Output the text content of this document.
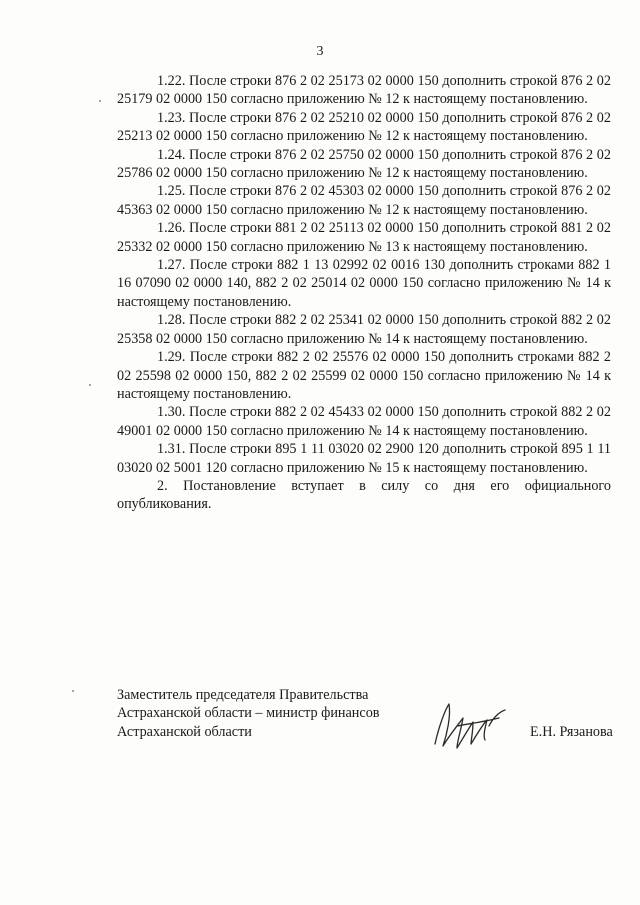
3

1.22. После строки 876 2 02 25173 02 0000 150 дополнить строкой 876 2 02 25179 02 0000 150 согласно приложению № 12 к настоящему постановлению.

1.23. После строки 876 2 02 25210 02 0000 150 дополнить строкой 876 2 02 25213 02 0000 150 согласно приложению № 12 к настоящему постановлению.

1.24. После строки 876 2 02 25750 02 0000 150 дополнить строкой 876 2 02 25786 02 0000 150 согласно приложению № 12 к настоящему постановлению.

1.25. После строки 876 2 02 45303 02 0000 150 дополнить строкой 876 2 02 45363 02 0000 150 согласно приложению № 12 к настоящему постановлению.

1.26. После строки 881 2 02 25113 02 0000 150 дополнить строкой 881 2 02 25332 02 0000 150 согласно приложению № 13 к настоящему постановлению.

1.27. После строки 882 1 13 02992 02 0016 130 дополнить строками 882 1 16 07090 02 0000 140, 882 2 02 25014 02 0000 150 согласно приложению № 14 к настоящему постановлению.

1.28. После строки 882 2 02 25341 02 0000 150 дополнить строкой 882 2 02 25358 02 0000 150 согласно приложению № 14 к настоящему постановлению.

1.29. После строки 882 2 02 25576 02 0000 150 дополнить строками 882 2 02 25598 02 0000 150, 882 2 02 25599 02 0000 150 согласно приложению № 14 к настоящему постановлению.

1.30. После строки 882 2 02 45433 02 0000 150 дополнить строкой 882 2 02 49001 02 0000 150 согласно приложению № 14 к настоящему постановлению.

1.31. После строки 895 1 11 03020 02 2900 120 дополнить строкой 895 1 11 03020 02 5001 120 согласно приложению № 15 к настоящему постановлению.

2. Постановление вступает в силу со дня его официального опубликования.

Заместитель председателя Правительства
Астраханской области – министр финансов
Астраханской области	Е.Н. Рязанова
